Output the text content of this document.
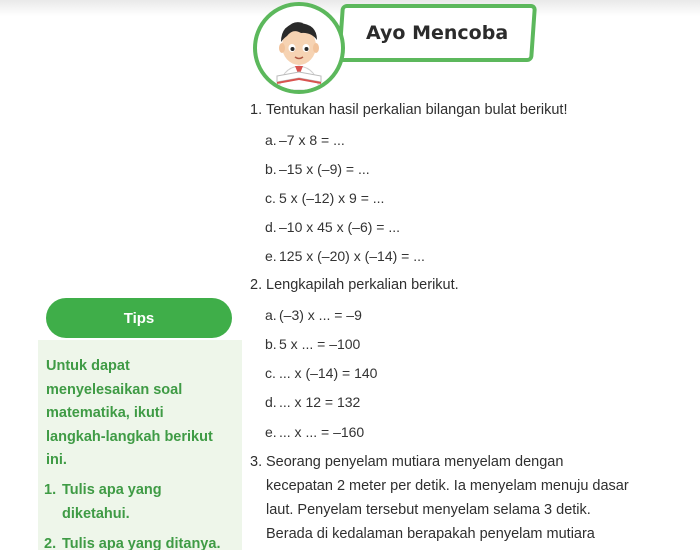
Ayo Mencoba
1. Tentukan hasil perkalian bilangan bulat berikut!
a. –7 x 8 = ...
b. –15 x (–9) = ...
c. 5 x (–12) x 9 = ...
d. –10 x 45 x (–6) = ...
e. 125 x (–20) x (–14) = ...
2. Lengkapilah perkalian berikut.
a. (–3) x ... = –9
b. 5 x ... = –100
c. ... x (–14) = 140
d. ... x 12 = 132
e. ... x ... = –160
3. Seorang penyelam mutiara menyelam dengan
kecepatan 2 meter per detik. Ia menyelam menuju dasar
laut. Penyelam tersebut menyelam selama 3 detik.
Berada di kedalaman berapakah penyelam mutiara
Tips
Untuk dapat
menyelesaikan soal
matematika, ikuti
langkah-langkah berikut
ini.
1. Tulis apa yang
diketahui.
2. Tulis apa yang ditanya.
